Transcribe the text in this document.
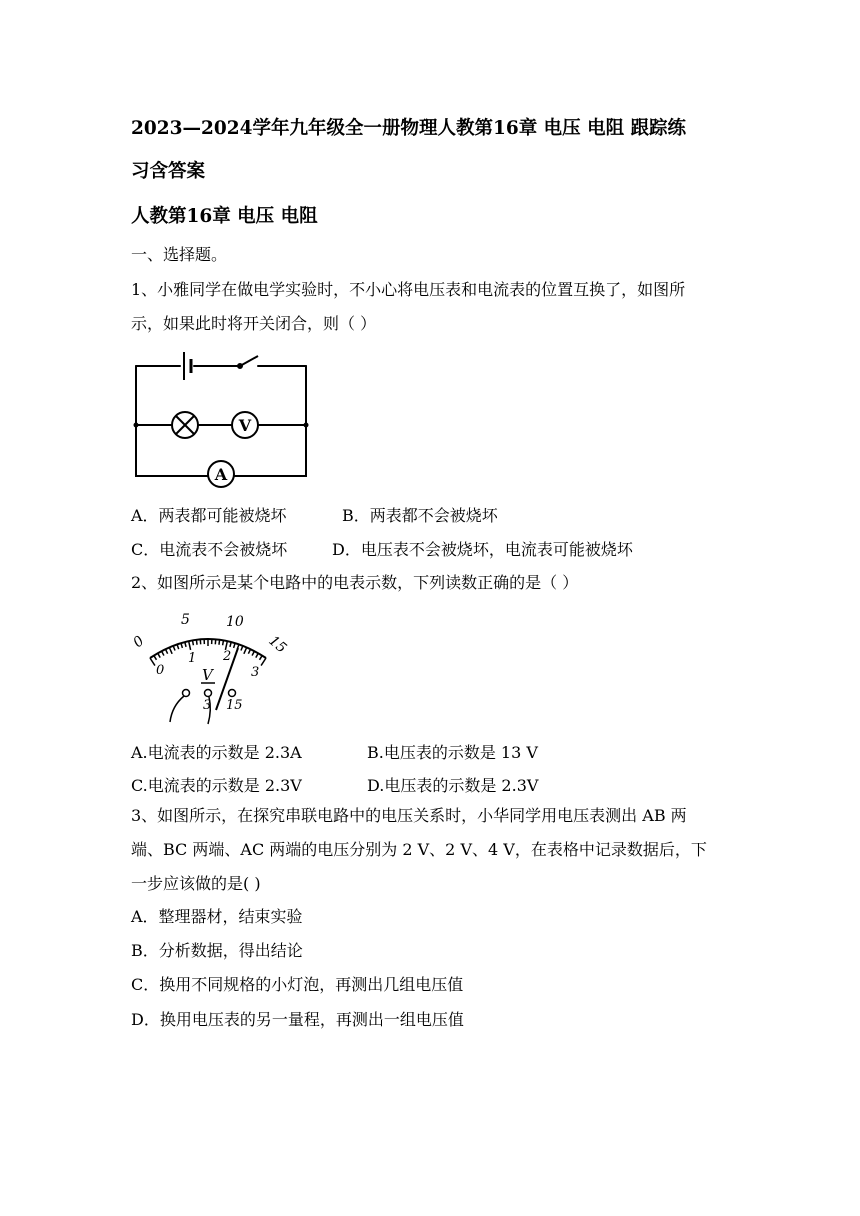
2023—2024学年九年级全一册物理人教第16章 电压 电阻 跟踪练
习含答案
人教第16章 电压 电阻
一、选择题。
1、小雅同学在做电学实验时，不小心将电压表和电流表的位置互换了，如图所
示，如果此时将开关闭合，则（ ）
V
A
A．两表都可能被烧坏	B．两表都不会被烧坏
C．电流表不会被烧坏	D．电压表不会被烧坏，电流表可能被烧坏
2、如图所示是某个电路中的电表示数，下列读数正确的是（ ）
0
5	10
15
0
1 2
3
V
3 15
A.电流表的示数是 2.3A	B.电压表的示数是 13 V
C.电流表的示数是 2.3V	D.电压表的示数是 2.3V
3、如图所示，在探究串联电路中的电压关系时，小华同学用电压表测出 AB 两
端、BC 两端、AC 两端的电压分别为 2 V、2 V、4 V，在表格中记录数据后，下
一步应该做的是( )
A．整理器材，结束实验
B．分析数据，得出结论
C．换用不同规格的小灯泡，再测出几组电压值
D．换用电压表的另一量程，再测出一组电压值
